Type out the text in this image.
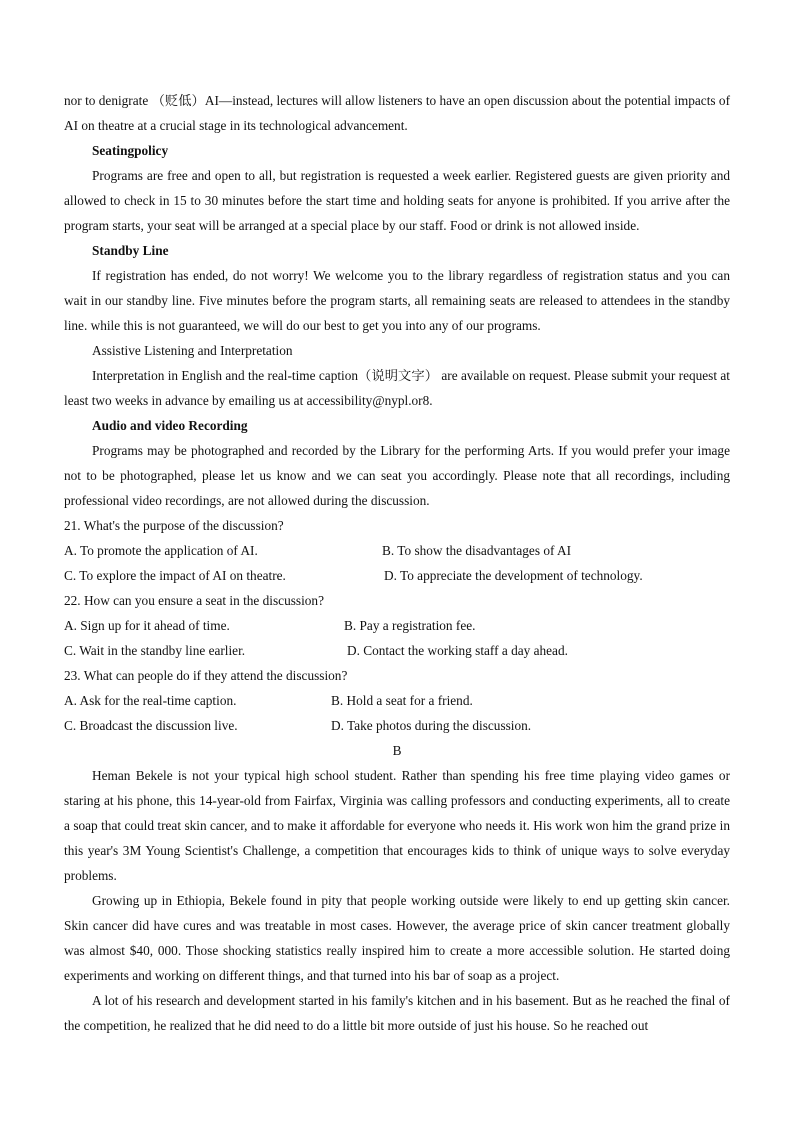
nor to denigrate （贬低）AI—instead, lectures will allow listeners to have an open discussion about the potential impacts of AI on theatre at a crucial stage in its technological advancement.

Seatingpolicy

Programs are free and open to all, but registration is requested a week earlier. Registered guests are given priority and allowed to check in 15 to 30 minutes before the start time and holding seats for anyone is prohibited. If you arrive after the program starts, your seat will be arranged at a special place by our staff. Food or drink is not allowed inside.

Standby Line

If registration has ended, do not worry! We welcome you to the library regardless of registration status and you can wait in our standby line. Five minutes before the program starts, all remaining seats are released to attendees in the standby line. while this is not guaranteed, we will do our best to get you into any of our programs.

Assistive Listening and Interpretation

Interpretation in English and the real-time caption（说明文字） are available on request. Please submit your request at least two weeks in advance by emailing us at accessibility@nypl.or8.

Audio and video Recording

Programs may be photographed and recorded by the Library for the performing Arts. If you would prefer your image not to be photographed, please let us know and we can seat you accordingly. Please note that all recordings, including professional video recordings, are not allowed during the discussion.

21. What's the purpose of the discussion?

A. To promote the application of AI.	B. To show the disadvantages of AI
C. To explore the impact of AI on theatre.	D. To appreciate the development of technology.

22. How can you ensure a seat in the discussion?

A. Sign up for it ahead of time.	B. Pay a registration fee.
C. Wait in the standby line earlier.	D. Contact the working staff a day ahead.

23. What can people do if they attend the discussion?

A. Ask for the real-time caption.	B. Hold a seat for a friend.
C. Broadcast the discussion live.	D. Take photos during the discussion.

B

Heman Bekele is not your typical high school student. Rather than spending his free time playing video games or staring at his phone, this 14-year-old from Fairfax, Virginia was calling professors and conducting experiments, all to create a soap that could treat skin cancer, and to make it affordable for everyone who needs it. His work won him the grand prize in this year's 3M Young Scientist's Challenge, a competition that encourages kids to think of unique ways to solve everyday problems.

Growing up in Ethiopia, Bekele found in pity that people working outside were likely to end up getting skin cancer. Skin cancer did have cures and was treatable in most cases. However, the average price of skin cancer treatment globally was almost $40, 000. Those shocking statistics really inspired him to create a more accessible solution. He started doing experiments and working on different things, and that turned into his bar of soap as a project.

A lot of his research and development started in his family's kitchen and in his basement. But as he reached the final of the competition, he realized that he did need to do a little bit more outside of just his house. So he reached out
